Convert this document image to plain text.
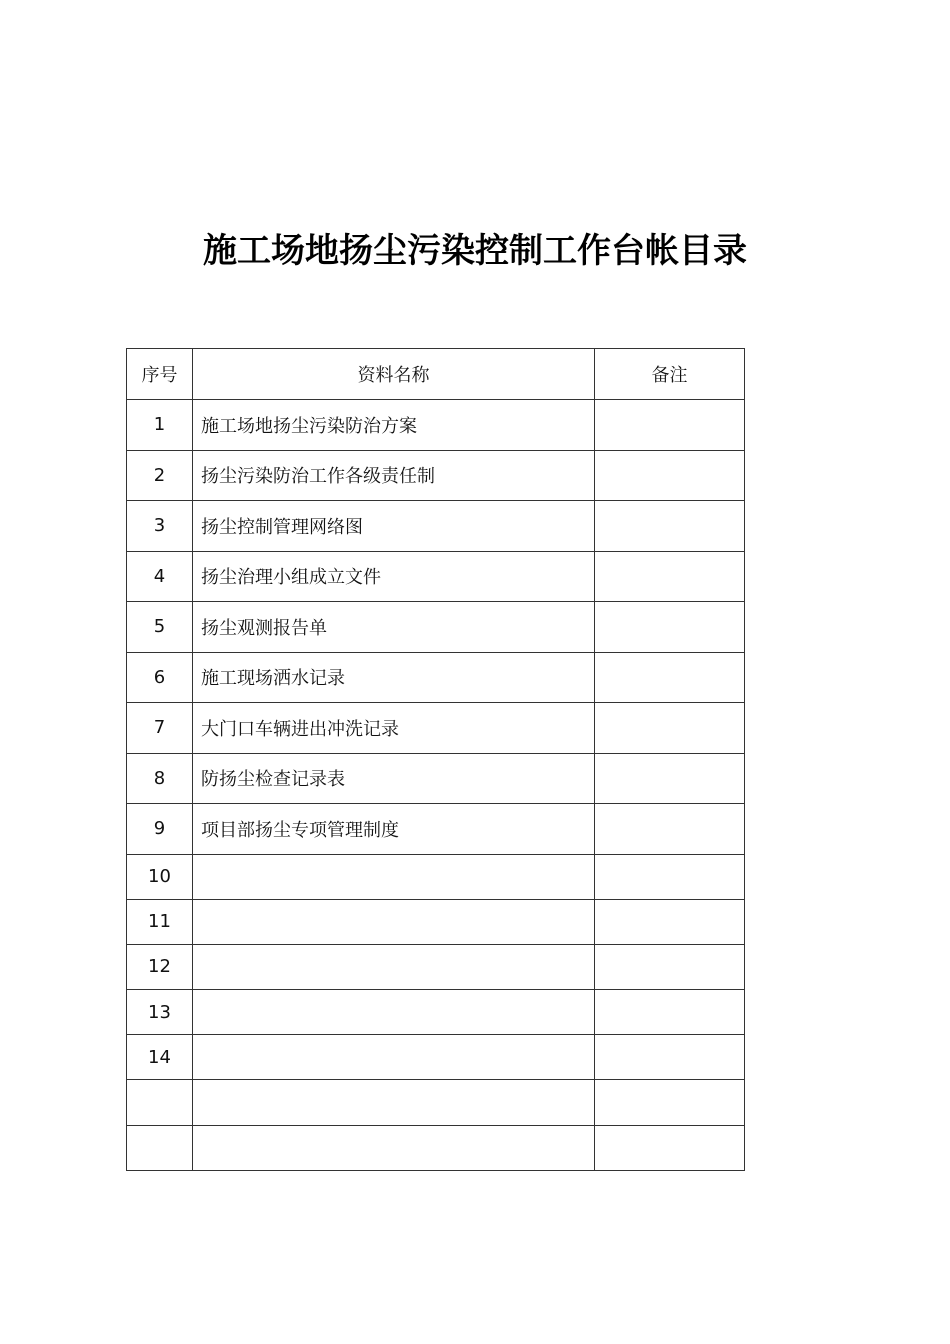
施工场地扬尘污染控制工作台帐目录
序号	资料名称	备注
1	施工场地扬尘污染防治方案	
2	扬尘污染防治工作各级责任制	
3	扬尘控制管理网络图	
4	扬尘治理小组成立文件	
5	扬尘观测报告单	
6	施工现场洒水记录	
7	大门口车辆进出冲洗记录	
8	防扬尘检查记录表	
9	项目部扬尘专项管理制度	
10		
11		
12		
13		
14		
